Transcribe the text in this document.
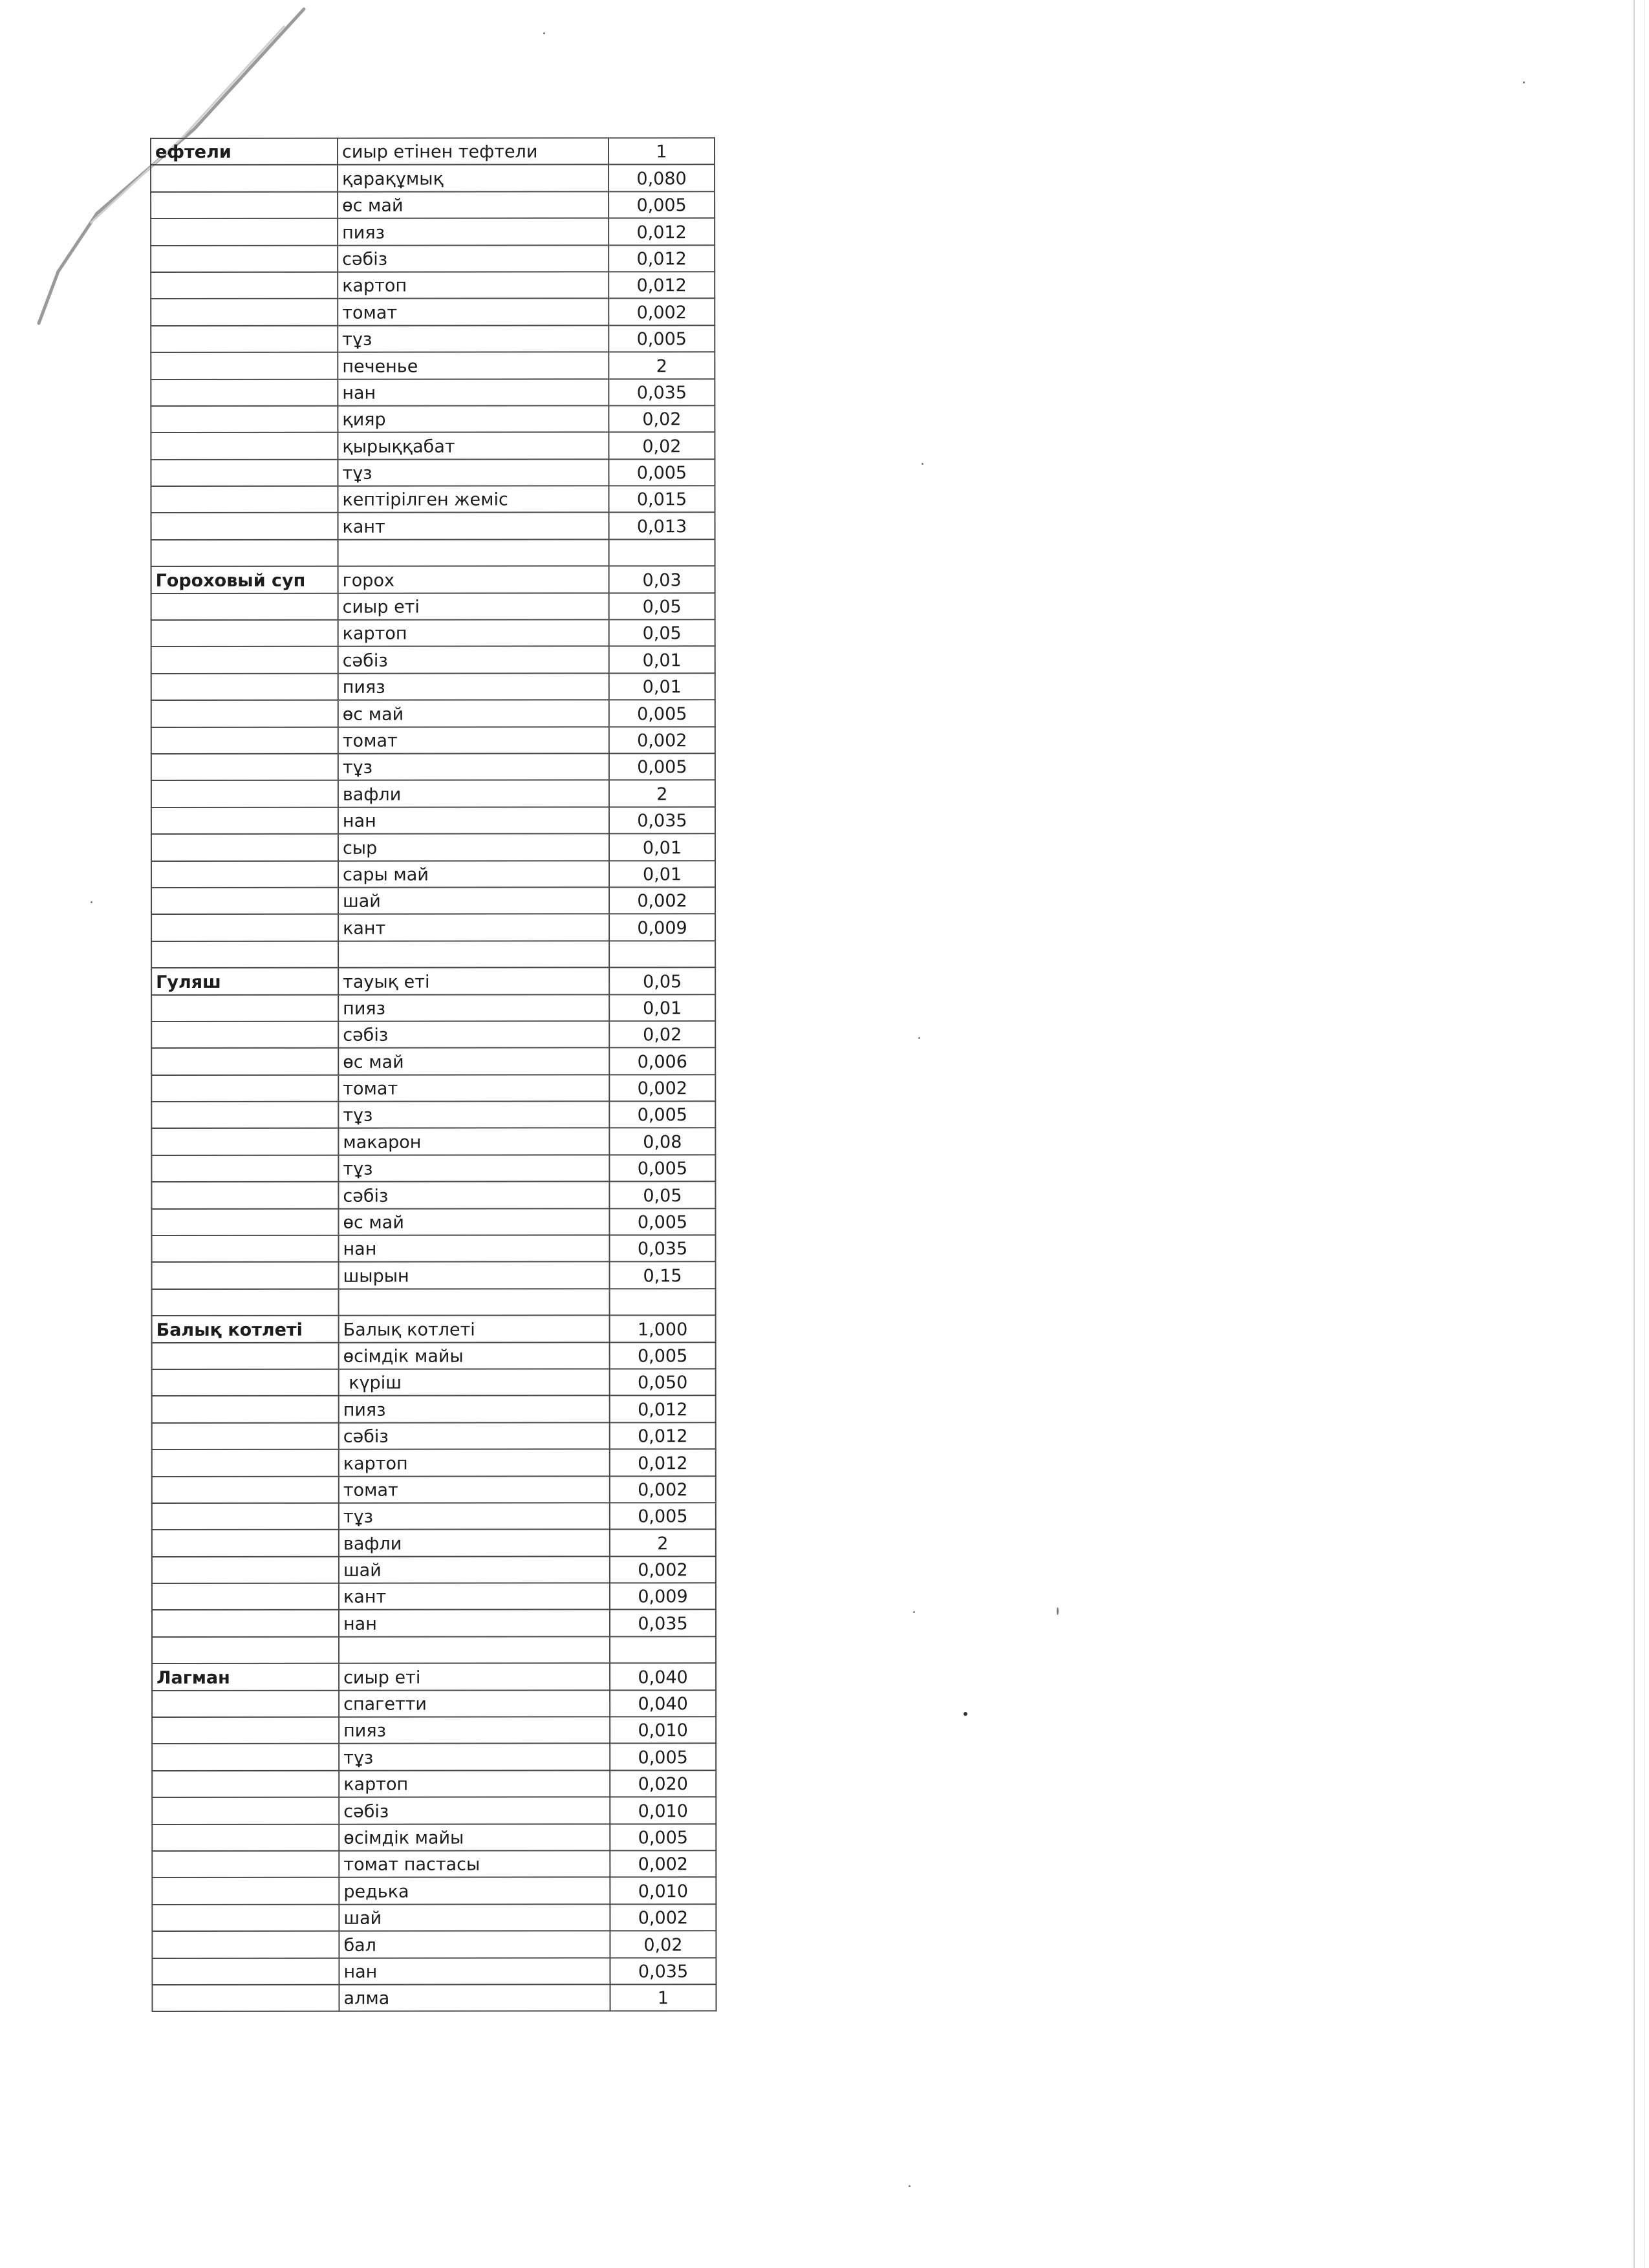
ефтели	сиыр етінен тефтели	1
	қарақұмық	0,080
	өс май	0,005
	пияз	0,012
	сәбіз	0,012
	картоп	0,012
	томат	0,002
	тұз	0,005
	печенье	2
	нан	0,035
	қияр	0,02
	қырыққабат	0,02
	тұз	0,005
	кептірілген жеміс	0,015
	кант	0,013

Гороховый суп	горох	0,03
	сиыр еті	0,05
	картоп	0,05
	сәбіз	0,01
	пияз	0,01
	өс май	0,005
	томат	0,002
	тұз	0,005
	вафли	2
	нан	0,035
	сыр	0,01
	сары май	0,01
	шай	0,002
	кант	0,009

Гуляш	тауық еті	0,05
	пияз	0,01
	сәбіз	0,02
	өс май	0,006
	томат	0,002
	тұз	0,005
	макарон	0,08
	тұз	0,005
	сәбіз	0,05
	өс май	0,005
	нан	0,035
	шырын	0,15

Балық котлеті	Балық котлеті	1,000
	өсімдік майы	0,005
	күріш	0,050
	пияз	0,012
	сәбіз	0,012
	картоп	0,012
	томат	0,002
	тұз	0,005
	вафли	2
	шай	0,002
	кант	0,009
	нан	0,035

Лагман	сиыр еті	0,040
	спагетти	0,040
	пияз	0,010
	тұз	0,005
	картоп	0,020
	сәбіз	0,010
	өсімдік майы	0,005
	томат пастасы	0,002
	редька	0,010
	шай	0,002
	бал	0,02
	нан	0,035
	алма	1
